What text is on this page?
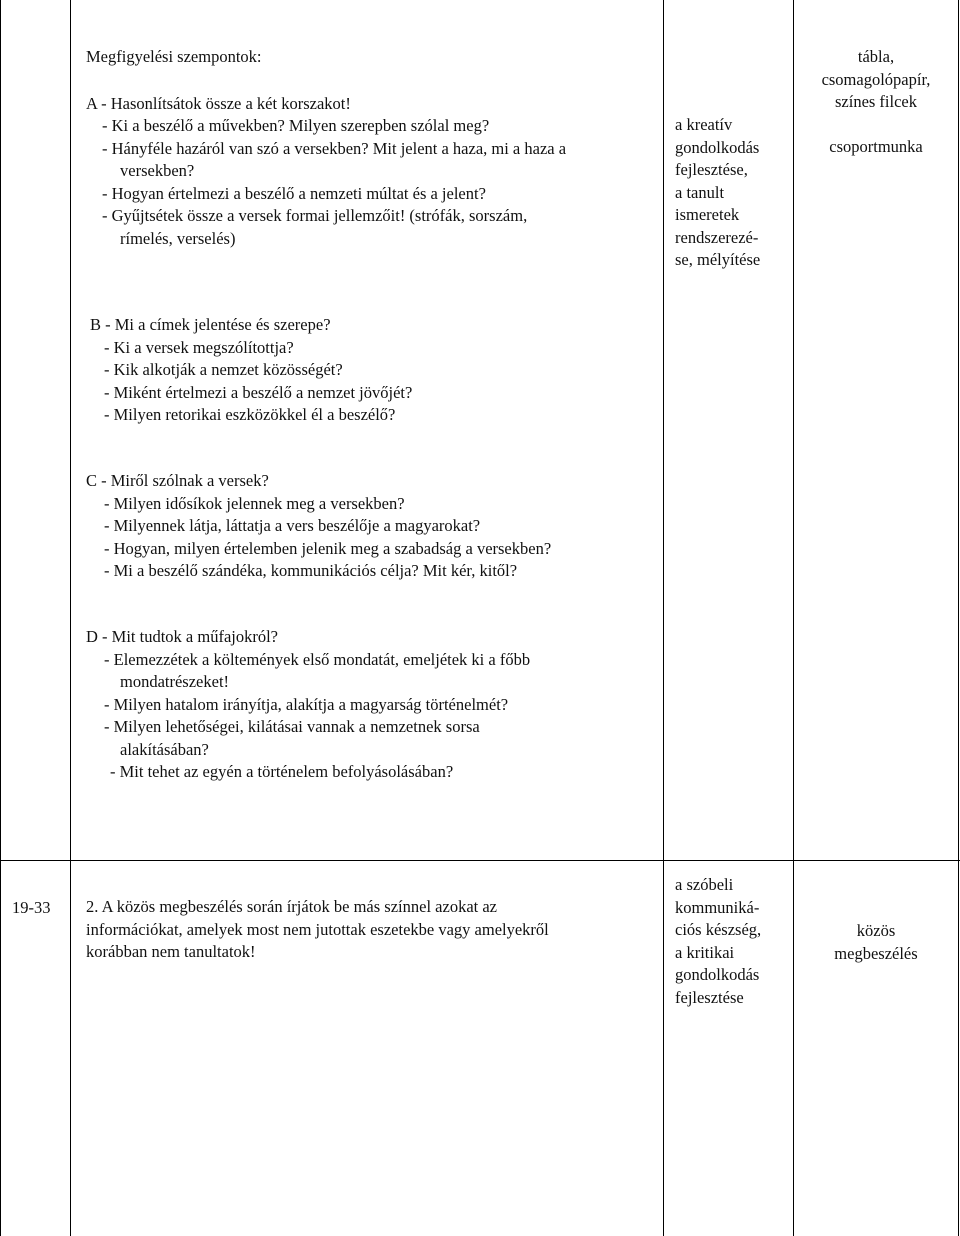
Megfigyelési szempontok:
A - Hasonlítsátok össze a két korszakot!
- Ki a beszélő a művekben? Milyen szerepben szólal meg?
- Hányféle hazáról van szó a versekben? Mit jelent a haza, mi a haza a
versekben?
- Hogyan értelmezi a beszélő a nemzeti múltat és a jelent?
- Gyűjtsétek össze a versek formai jellemzőit! (strófák, sorszám,
rímelés, verselés)
a kreatív
gondolkodás
fejlesztése,
a tanult
ismeretek
rendszerezé-
se, mélyítése
tábla,
csomagolópapír,
színes filcek
csoportmunka
B - Mi a címek jelentése és szerepe?
- Ki a versek megszólítottja?
- Kik alkotják a nemzet közösségét?
- Miként értelmezi a beszélő a nemzet jövőjét?
- Milyen retorikai eszközökkel él a beszélő?
C - Miről szólnak a versek?
- Milyen idősíkok jelennek meg a versekben?
- Milyennek látja, láttatja a vers beszélője a magyarokat?
- Hogyan, milyen értelemben jelenik meg a szabadság a versekben?
- Mi a beszélő szándéka, kommunikációs célja? Mit kér, kitől?
D - Mit tudtok a műfajokról?
- Elemezzétek a költemények első mondatát, emeljétek ki a főbb
mondatrészeket!
- Milyen hatalom irányítja, alakítja a magyarság történelmét?
- Milyen lehetőségei, kilátásai vannak a nemzetnek sorsa
alakításában?
- Mit tehet az egyén a történelem befolyásolásában?
19-33 2. A közös megbeszélés során írjátok be más színnel azokat az
információkat, amelyek most nem jutottak eszetekbe vagy amelyekről
korábban nem tanultatok!
a szóbeli
kommuniká-
ciós készség,
a kritikai
gondolkodás
fejlesztése
közös
megbeszélés
